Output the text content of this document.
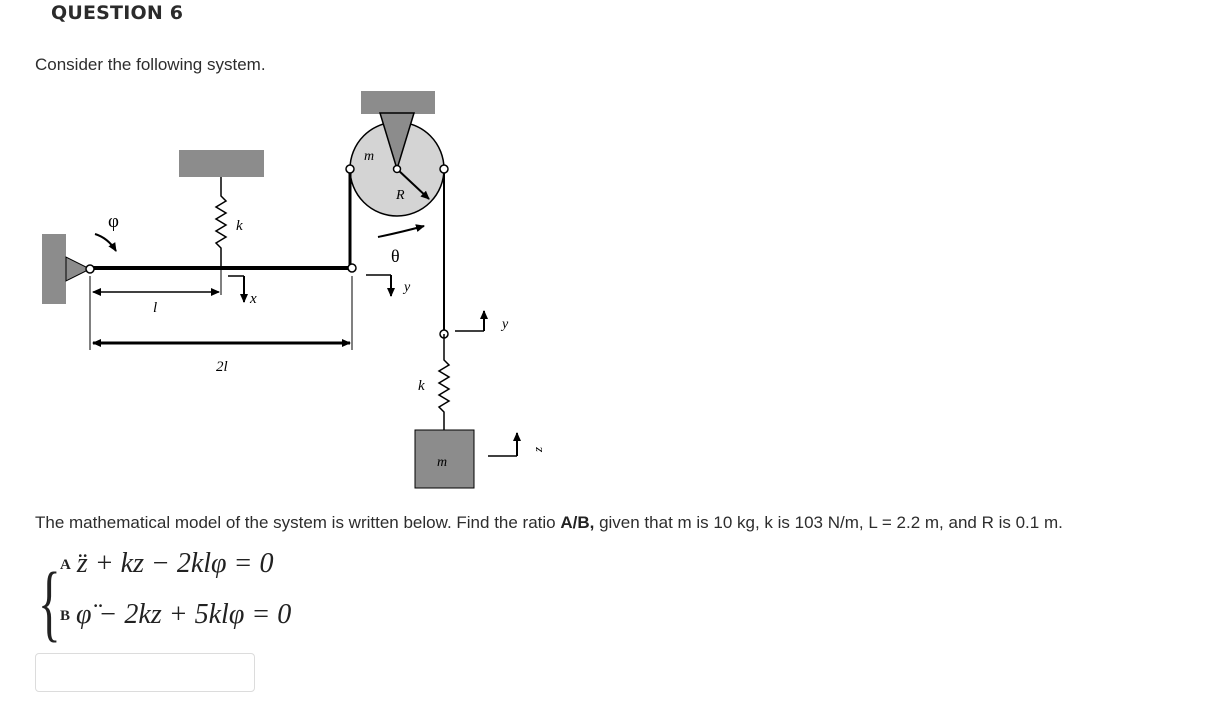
QUESTION 6
Consider the following system.
k
x
l
2l
φ
m
R
θ
y
y
k
m
z
The mathematical model of the system is written below. Find the ratio A/B, given that m is 10 kg, k is 103 N/m, L = 2.2 m, and R is 0.1 m.
{ A z̈ + kz − 2klφ = 0
B φ̈ − 2kz + 5klφ = 0
